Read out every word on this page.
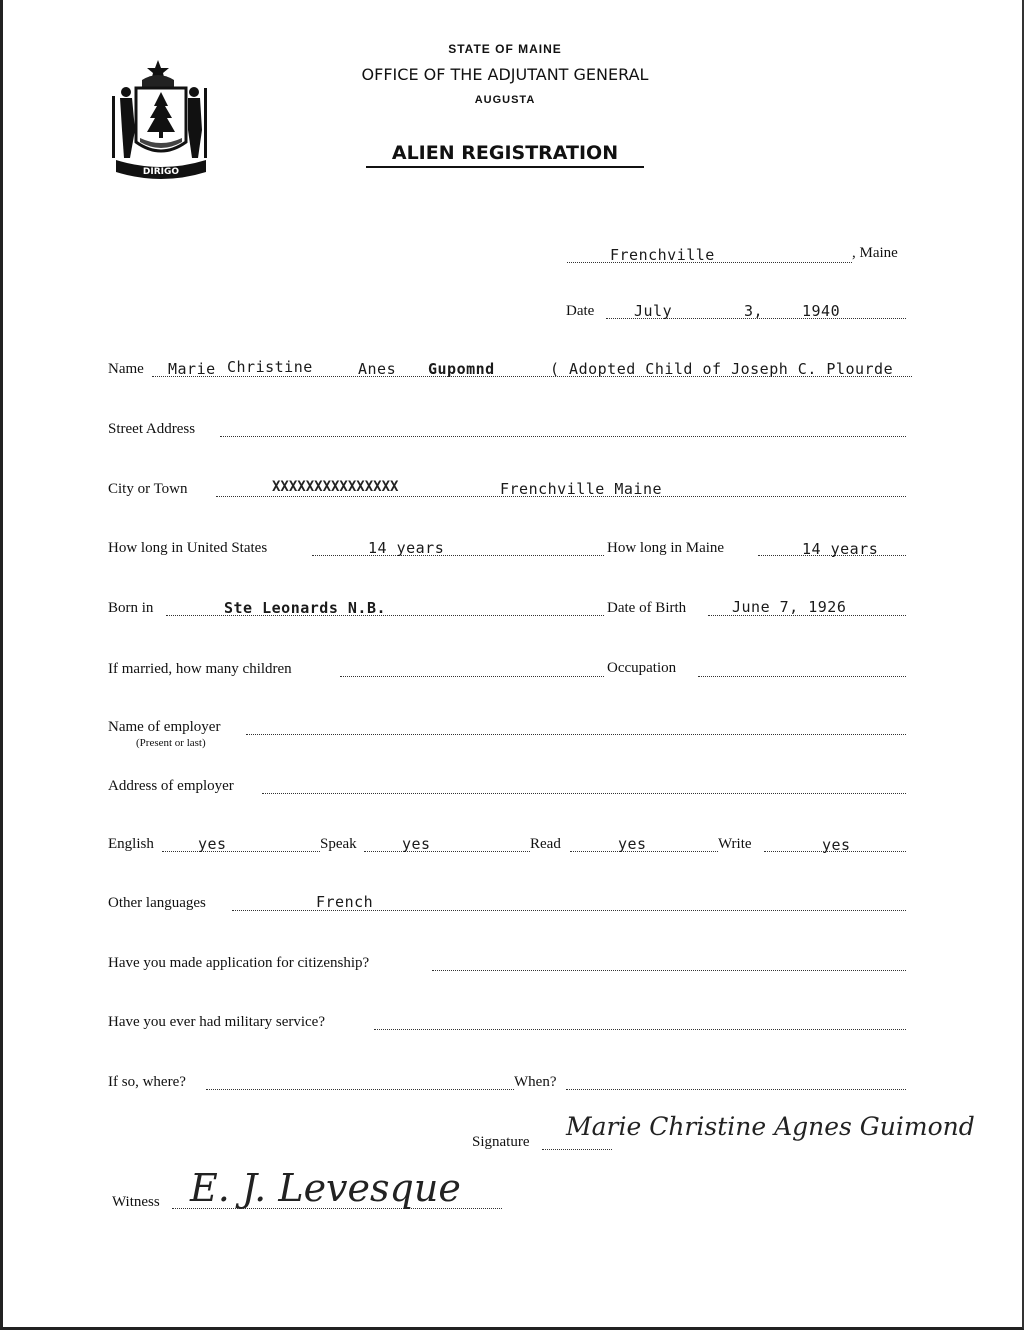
DIRIGO
STATE OF MAINE
OFFICE OF THE ADJUTANT GENERAL
AUGUSTA
ALIEN REGISTRATION
Frenchville	, Maine
Date	July	3,	1940
Name Marie Christine	Anes Gupomnd	( Adopted Child of Joseph C. Plourde
Street Address
City or Town	XXXXXXXXXXXXXXX	Frenchville Maine
How long in United States	14 years	How long in Maine	14 years
Born in	Ste Leonards N.B.	Date of Birth	June 7, 1926
If married, how many children	Occupation
Name of employer
(Present or last)
Address of employer
English	yes	Speak	yes	Read	yes	Write	yes
Other languages	French
Have you made application for citizenship?
Have you ever had military service?
If so, where?	When?
Signature
Marie Christine Agnes Guimond
Witness E. J. Levesque
